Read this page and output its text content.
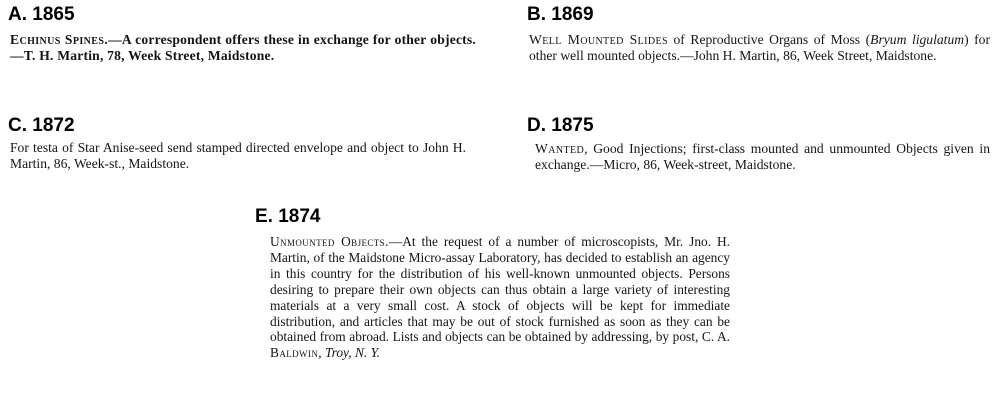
A. 1865
Echinus Spines.—A correspondent offers these in exchange for other objects.—T. H. Martin, 78, Week Street, Maidstone.
B. 1869
Well Mounted Slides of Reproductive Organs of Moss (Bryum ligulatum) for other well mounted objects.—John H. Martin, 86, Week Street, Maidstone.
C. 1872
For testa of Star Anise-seed send stamped directed envelope and object to John H. Martin, 86, Week-st., Maidstone.
D. 1875
Wanted, Good Injections; first-class mounted and unmounted Objects given in exchange.—Micro, 86, Week-street, Maidstone.
E. 1874
Unmounted Objects.—At the request of a number of microscopists, Mr. Jno. H. Martin, of the Maidstone Micro-assay Laboratory, has decided to establish an agency in this country for the distribution of his well-known unmounted objects. Persons desiring to prepare their own objects can thus obtain a large variety of interesting materials at a very small cost. A stock of objects will be kept for immediate distribution, and articles that may be out of stock furnished as soon as they can be obtained from abroad. Lists and objects can be obtained by addressing, by post, C. A. Baldwin, Troy, N. Y.
